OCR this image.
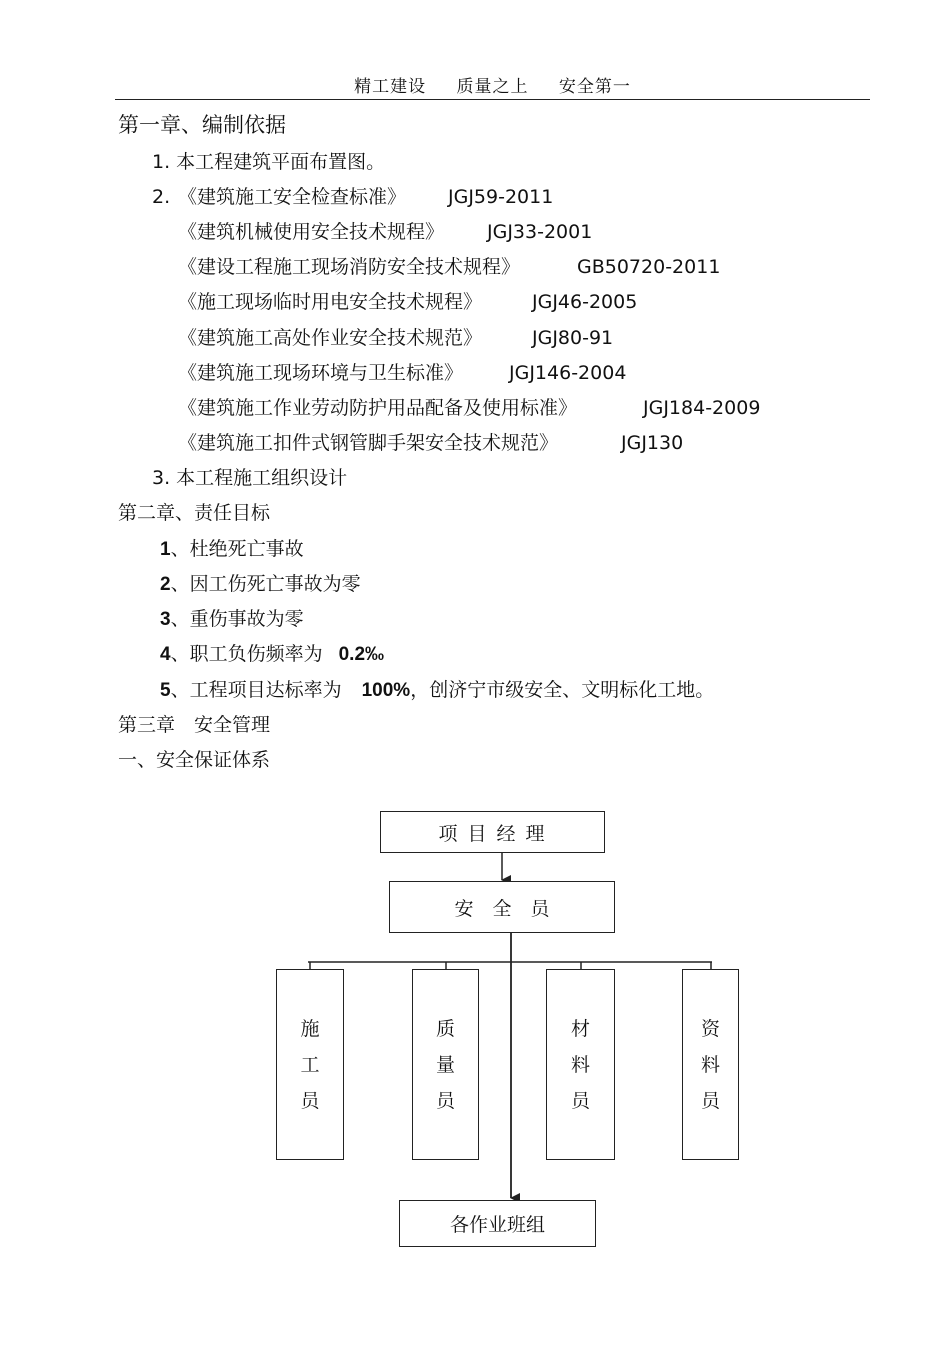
精工建设 质量之上 安全第一
第一章、编制依据
1. 本工程建筑平面布置图。
2. 《建筑施工安全检查标准》 JGJ59-2011
《建筑机械使用安全技术规程》 JGJ33-2001
《建设工程施工现场消防安全技术规程》	GB50720-2011
《施工现场临时用电安全技术规程》	JGJ46-2005
《建筑施工高处作业安全技术规范》	JGJ80-91
《建筑施工现场环境与卫生标准》 JGJ146-2004
《建筑施工作业劳动防护用品配备及使用标准》	JGJ184-2009
《建筑施工扣件式钢管脚手架安全技术规范》	JGJ130
3. 本工程施工组织设计
第二章、责任目标
1、杜绝死亡事故
2、因工伤死亡事故为零
3、重伤事故为零
4、职工负伤频率为 0.2‰
5、工程项目达标率为 100%，创济宁市级安全、文明标化工地。
第三章　安全管理
一、安全保证体系
项 目 经 理
安　全　员
施
工
员
质
量
员
材
料
员
资
料
员
各作业班组
